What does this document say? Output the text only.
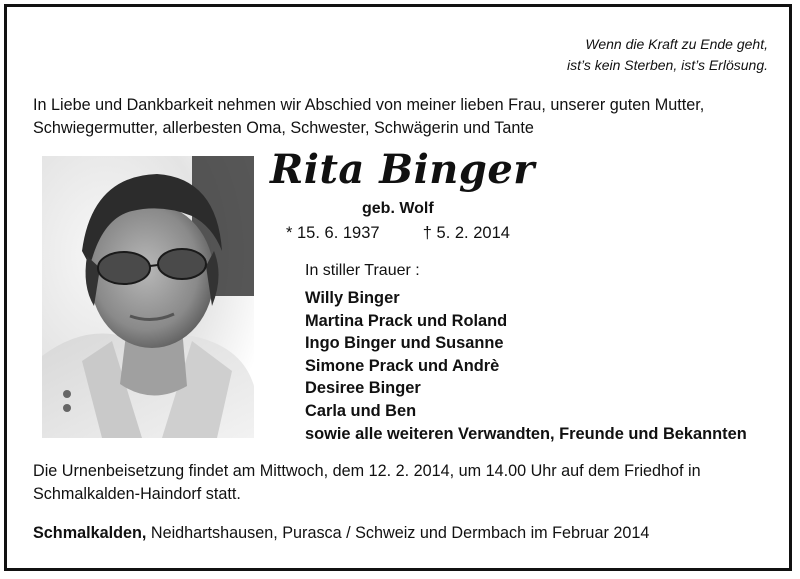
Wenn die Kraft zu Ende geht,
ist’s kein Sterben, ist’s Erlösung.
In Liebe und Dankbarkeit nehmen wir Abschied von meiner lieben Frau, unserer guten Mutter,
Schwiegermutter, allerbesten Oma, Schwester, Schwägerin und Tante
Rita Binger
geb. Wolf
* 15. 6. 1937	† 5. 2. 2014
In stiller Trauer :
Willy Binger
Martina Prack und Roland
Ingo Binger und Susanne
Simone Prack und Andrè
Desiree Binger
Carla und Ben
sowie alle weiteren Verwandten, Freunde und Bekannten
Die Urnenbeisetzung findet am Mittwoch, dem 12. 2. 2014, um 14.00 Uhr auf dem Friedhof in
Schmalkalden-Haindorf statt.
Schmalkalden, Neidhartshausen, Purasca / Schweiz und Dermbach im Februar 2014
